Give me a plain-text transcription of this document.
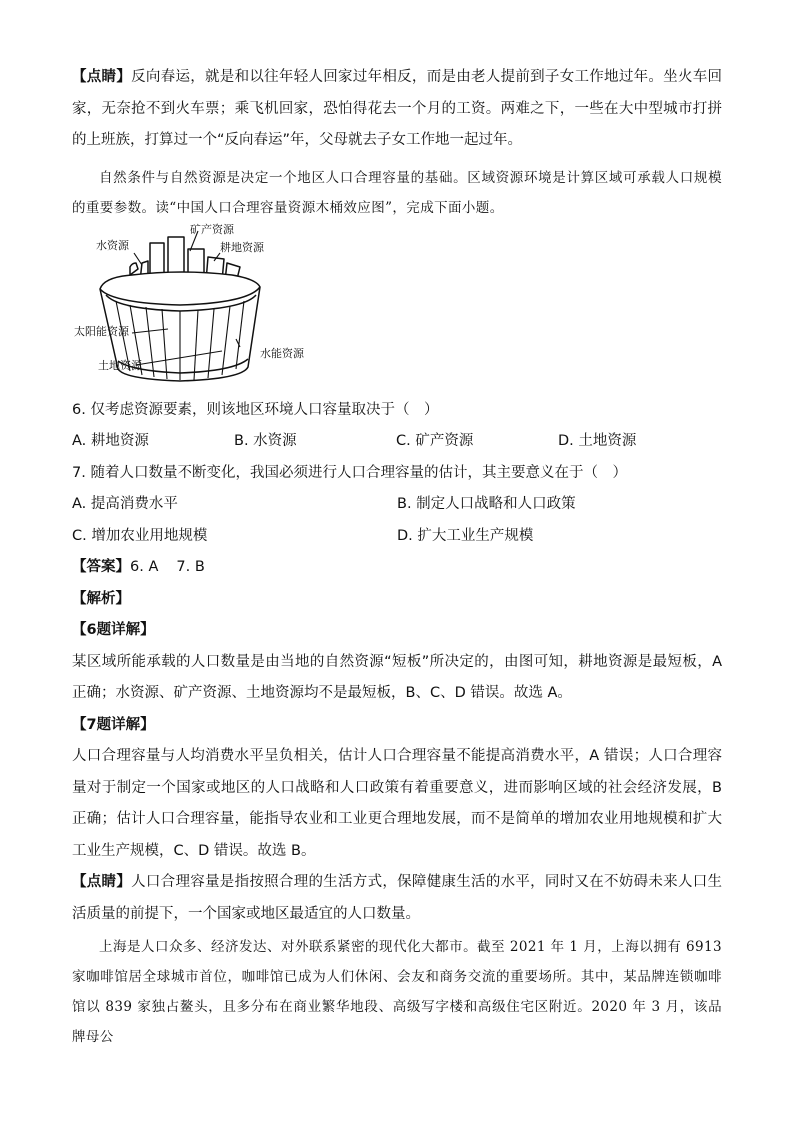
【点睛】反向春运，就是和以往年轻人回家过年相反，而是由老人提前到子女工作地过年。坐火车回家，无奈抢不到火车票；乘飞机回家，恐怕得花去一个月的工资。两难之下，一些在大中型城市打拼的上班族，打算过一个“反向春运”年，父母就去子女工作地一起过年。

自然条件与自然资源是决定一个地区人口合理容量的基础。区域资源环境是计算区域可承载人口规模的重要参数。读“中国人口合理容量资源木桶效应图”，完成下面小题。

矿产资源
水资源	耕地资源
太阳能资源
水能资源
土地资源

6. 仅考虑资源要素，则该地区环境人口容量取决于（　）

A. 耕地资源	B. 水资源	C. 矿产资源	D. 土地资源

7. 随着人口数量不断变化，我国必须进行人口合理容量的估计，其主要意义在于（　）

A. 提高消费水平	B. 制定人口战略和人口政策
C. 增加农业用地规模	D. 扩大工业生产规模

【答案】6. A 7. B

【解析】

【6题详解】

某区域所能承载的人口数量是由当地的自然资源“短板”所决定的，由图可知，耕地资源是最短板，A 正确；水资源、矿产资源、土地资源均不是最短板，B、C、D 错误。故选 A。

【7题详解】

人口合理容量与人均消费水平呈负相关，估计人口合理容量不能提高消费水平，A 错误；人口合理容量对于制定一个国家或地区的人口战略和人口政策有着重要意义，进而影响区域的社会经济发展，B 正确；估计人口合理容量，能指导农业和工业更合理地发展，而不是简单的增加农业用地规模和扩大工业生产规模，C、D 错误。故选 B。

【点睛】人口合理容量是指按照合理的生活方式，保障健康生活的水平，同时又在不妨碍未来人口生活质量的前提下，一个国家或地区最适宜的人口数量。

上海是人口众多、经济发达、对外联系紧密的现代化大都市。截至 2021 年 1 月，上海以拥有 6913 家咖啡馆居全球城市首位，咖啡馆已成为人们休闲、会友和商务交流的重要场所。其中，某品牌连锁咖啡馆以 839 家独占鳌头，且多分布在商业繁华地段、高级写字楼和高级住宅区附近。2020 年 3 月，该品牌母公
